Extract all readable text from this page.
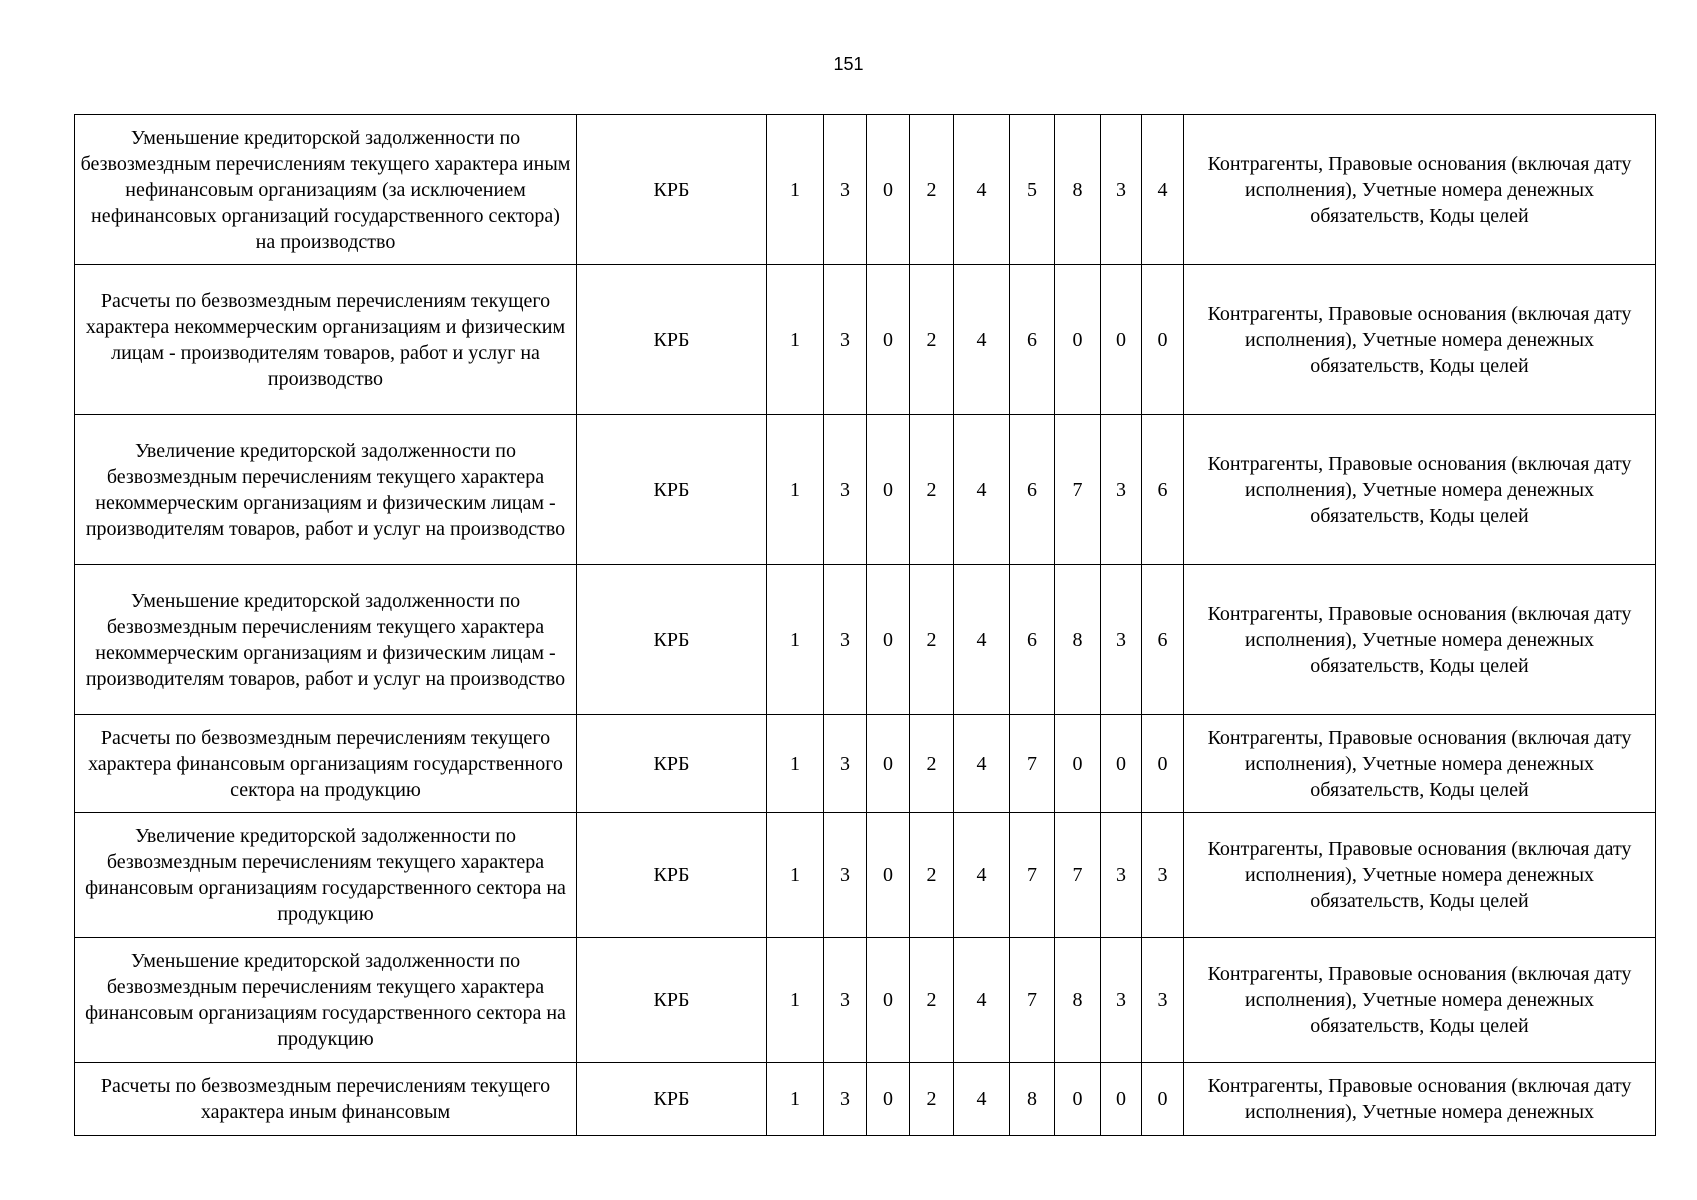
151
Уменьшение кредиторской задолженности по безвозмездным перечислениям текущего характера иным нефинансовым организациям (за исключением нефинансовых организаций государственного сектора) на производство	КРБ	1	3	0	2	4	5	8	3	4	Контрагенты, Правовые основания (включая дату исполнения), Учетные номера денежных обязательств, Коды целей
Расчеты по безвозмездным перечислениям текущего характера некоммерческим организациям и физическим лицам - производителям товаров, работ и услуг на производство	КРБ	1	3	0	2	4	6	0	0	0	Контрагенты, Правовые основания (включая дату исполнения), Учетные номера денежных обязательств, Коды целей
Увеличение кредиторской задолженности по безвозмездным перечислениям текущего характера некоммерческим организациям и физическим лицам - производителям товаров, работ и услуг на производство	КРБ	1	3	0	2	4	6	7	3	6	Контрагенты, Правовые основания (включая дату исполнения), Учетные номера денежных обязательств, Коды целей
Уменьшение кредиторской задолженности по безвозмездным перечислениям текущего характера некоммерческим организациям и физическим лицам - производителям товаров, работ и услуг на производство	КРБ	1	3	0	2	4	6	8	3	6	Контрагенты, Правовые основания (включая дату исполнения), Учетные номера денежных обязательств, Коды целей
Расчеты по безвозмездным перечислениям текущего характера финансовым организациям государственного сектора на продукцию	КРБ	1	3	0	2	4	7	0	0	0	Контрагенты, Правовые основания (включая дату исполнения), Учетные номера денежных обязательств, Коды целей
Увеличение кредиторской задолженности по безвозмездным перечислениям текущего характера финансовым организациям государственного сектора на продукцию	КРБ	1	3	0	2	4	7	7	3	3	Контрагенты, Правовые основания (включая дату исполнения), Учетные номера денежных обязательств, Коды целей
Уменьшение кредиторской задолженности по безвозмездным перечислениям текущего характера финансовым организациям государственного сектора на продукцию	КРБ	1	3	0	2	4	7	8	3	3	Контрагенты, Правовые основания (включая дату исполнения), Учетные номера денежных обязательств, Коды целей
Расчеты по безвозмездным перечислениям текущего характера иным финансовым	КРБ	1	3	0	2	4	8	0	0	0	Контрагенты, Правовые основания (включая дату исполнения), Учетные номера денежных
